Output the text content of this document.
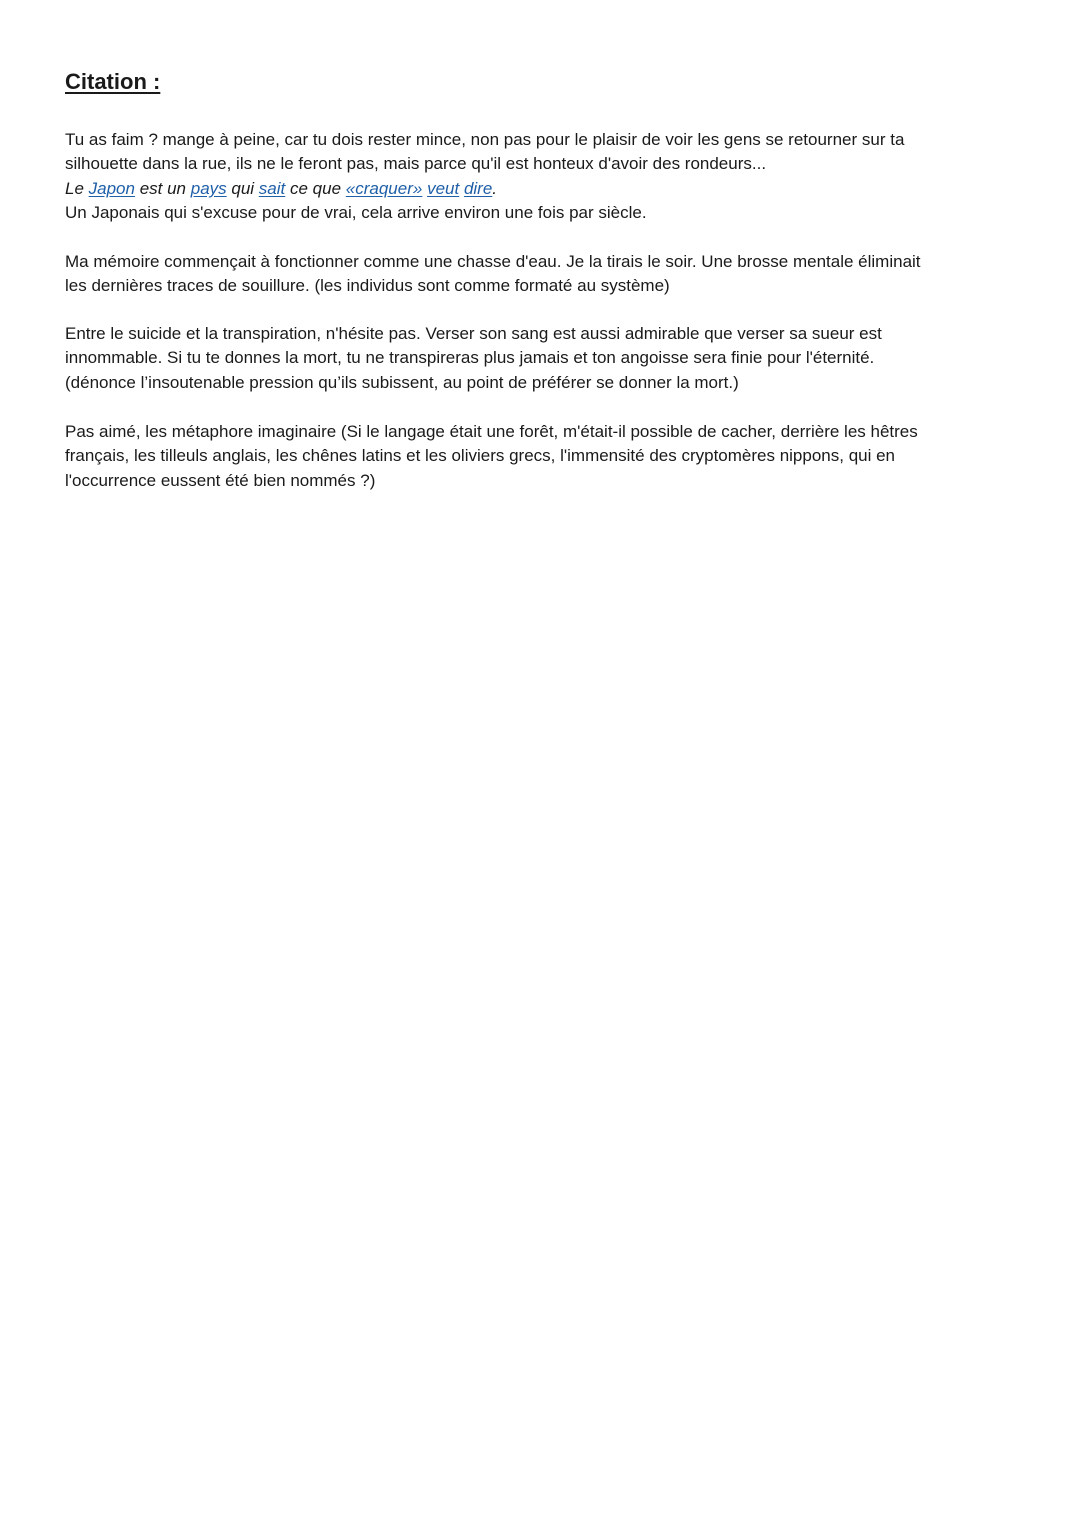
Citation :

Tu as faim ? mange à peine, car tu dois rester mince, non pas pour le plaisir de voir les gens se retourner sur ta
silhouette dans la rue, ils ne le feront pas, mais parce qu'il est honteux d'avoir des rondeurs...
Le Japon est un pays qui sait ce que «craquer» veut dire.
Un Japonais qui s'excuse pour de vrai, cela arrive environ une fois par siècle.

Ma mémoire commençait à fonctionner comme une chasse d'eau. Je la tirais le soir. Une brosse mentale éliminait
les dernières traces de souillure. (les individus sont comme formaté au système)

Entre le suicide et la transpiration, n'hésite pas. Verser son sang est aussi admirable que verser sa sueur est
innommable. Si tu te donnes la mort, tu ne transpireras plus jamais et ton angoisse sera finie pour l'éternité.
(dénonce l’insoutenable pression qu’ils subissent, au point de préférer se donner la mort.)

Pas aimé, les métaphore imaginaire (Si le langage était une forêt, m'était-il possible de cacher, derrière les hêtres
français, les tilleuls anglais, les chênes latins et les oliviers grecs, l'immensité des cryptomères nippons, qui en
l'occurrence eussent été bien nommés ?)
